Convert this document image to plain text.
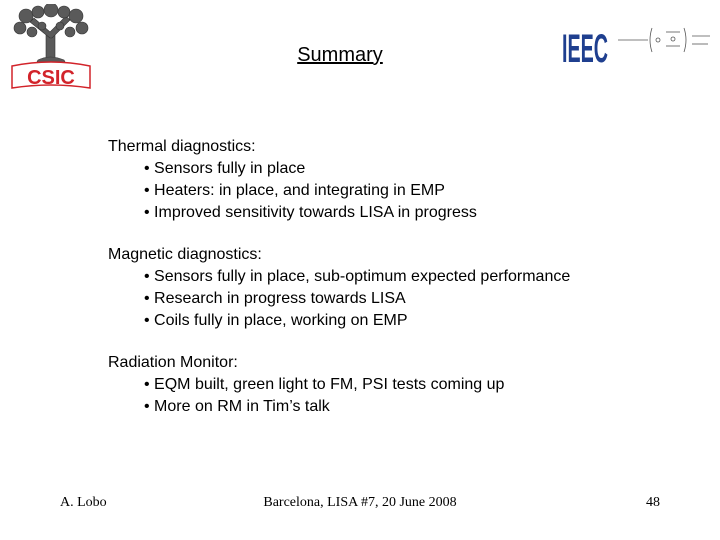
CSIC
IEEC
Summary
Thermal diagnostics:
• Sensors fully in place
• Heaters: in place, and integrating in EMP
• Improved sensitivity towards LISA in progress
Magnetic diagnostics:
• Sensors fully in place, sub-optimum expected performance
• Research in progress towards LISA
• Coils fully in place, working on EMP
Radiation Monitor:
• EQM built, green light to FM, PSI tests coming up
• More on RM in Tim’s talk
A. Lobo	Barcelona, LISA #7, 20 June 2008	48
